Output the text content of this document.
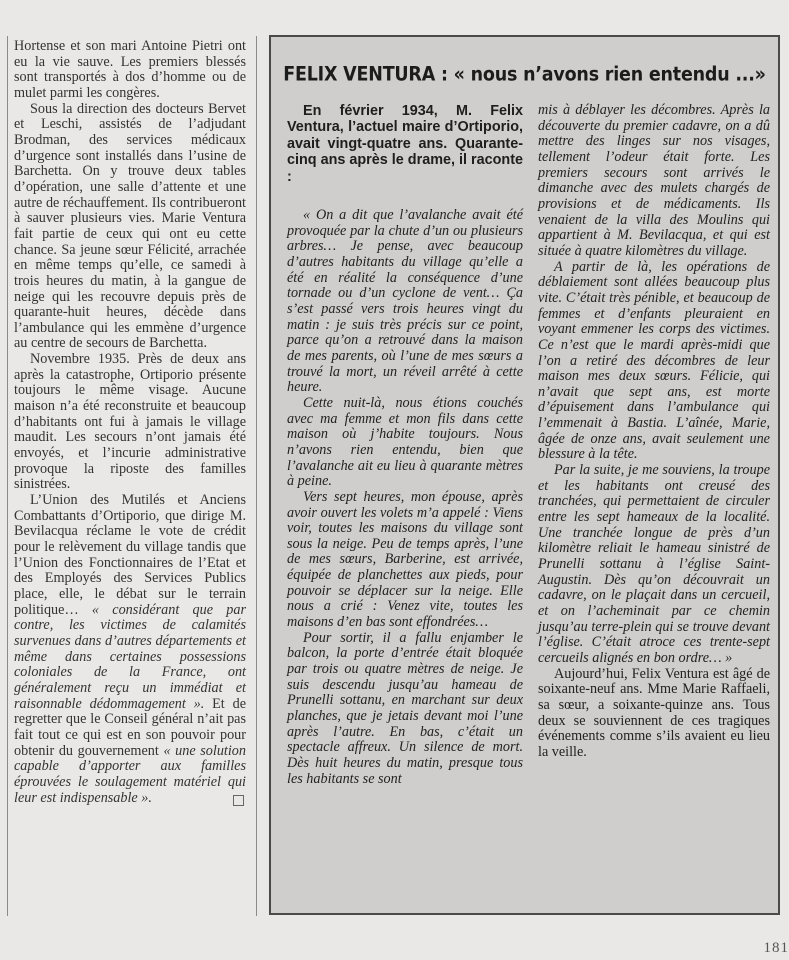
Hortense et son mari Antoine Pietri ont eu la vie sauve. Les premiers blessés sont transportés à dos d’homme ou de mulet parmi les congères.

Sous la direction des docteurs Bervet et Leschi, assistés de l’adjudant Brodman, des services médicaux d’urgence sont installés dans l’usine de Barchetta. On y trouve deux tables d’opération, une salle d’attente et une autre de réchauffement. Ils contribueront à sauver plusieurs vies. Marie Ventura fait partie de ceux qui ont eu cette chance. Sa jeune sœur Félicité, arrachée en même temps qu’elle, ce samedi à trois heures du matin, à la gangue de neige qui les recouvre depuis près de quarante-huit heures, décède dans l’ambulance qui les emmène d’urgence au centre de secours de Barchetta.

Novembre 1935. Près de deux ans après la catastrophe, Ortiporio présente toujours le même visage. Aucune maison n’a été reconstruite et beaucoup d’habitants ont fui à jamais le village maudit. Les secours n’ont jamais été envoyés, et l’incurie administrative provoque la riposte des familles sinistrées.

L’Union des Mutilés et Anciens Combattants d’Ortiporio, que dirige M. Bevilacqua réclame le vote de crédit pour le relèvement du village tandis que l’Union des Fonctionnaires de l’Etat et des Employés des Services Publics place, elle, le débat sur le terrain politique… « considérant que par contre, les victimes de calamités survenues dans d’autres départements et même dans certaines possessions coloniales de la France, ont généralement reçu un immédiat et raisonnable dédommagement ». Et de regretter que le Conseil général n’ait pas fait tout ce qui est en son pouvoir pour obtenir du gouvernement « une solution capable d’apporter aux familles éprouvées le soulagement matériel qui leur est indispensable ».

FELIX VENTURA : « nous n’avons rien entendu ...»

En février 1934, M. Felix Ventura, l’actuel maire d’Ortiporio, avait vingt-quatre ans. Quarante-cinq ans après le drame, il raconte :

« On a dit que l’avalanche avait été provoquée par la chute d’un ou plusieurs arbres… Je pense, avec beaucoup d’autres habitants du village qu’elle a été en réalité la conséquence d’une tornade ou d’un cyclone de vent… Ça s’est passé vers trois heures vingt du matin : je suis très précis sur ce point, parce qu’on a retrouvé dans la maison de mes parents, où l’une de mes sœurs a trouvé la mort, un réveil arrêté à cette heure.

Cette nuit-là, nous étions couchés avec ma femme et mon fils dans cette maison où j’habite toujours. Nous n’avons rien entendu, bien que l’avalanche ait eu lieu à quarante mètres à peine.

Vers sept heures, mon épouse, après avoir ouvert les volets m’a appelé : Viens voir, toutes les maisons du village sont sous la neige. Peu de temps après, l’une de mes sœurs, Barberine, est arrivée, équipée de planchettes aux pieds, pour pouvoir se déplacer sur la neige. Elle nous a crié : Venez vite, toutes les maisons d’en bas sont effondrées…

Pour sortir, il a fallu enjamber le balcon, la porte d’entrée était bloquée par trois ou quatre mètres de neige. Je suis descendu jusqu’au hameau de Prunelli sottanu, en marchant sur deux planches, que je jetais devant moi l’une après l’autre. En bas, c’était un spectacle affreux. Un silence de mort. Dès huit heures du matin, presque tous les habitants se sont

mis à déblayer les décombres. Après la découverte du premier cadavre, on a dû mettre des linges sur nos visages, tellement l’odeur était forte. Les premiers secours sont arrivés le dimanche avec des mulets chargés de provisions et de médicaments. Ils venaient de la villa des Moulins qui appartient à M. Bevilacqua, et qui est située à quatre kilomètres du village.

A partir de là, les opérations de déblaiement sont allées beaucoup plus vite. C’était très pénible, et beaucoup de femmes et d’enfants pleuraient en voyant emmener les corps des victimes. Ce n’est que le mardi après-midi que l’on a retiré des décombres de leur maison mes deux sœurs. Félicie, qui n’avait que sept ans, est morte d’épuisement dans l’ambulance qui l’emmenait à Bastia. L’aînée, Marie, âgée de onze ans, avait seulement une blessure à la tête.

Par la suite, je me souviens, la troupe et les habitants ont creusé des tranchées, qui permettaient de circuler entre les sept hameaux de la localité. Une tranchée longue de près d’un kilomètre reliait le hameau sinistré de Prunelli sottanu à l’église Saint-Augustin. Dès qu’on découvrait un cadavre, on le plaçait dans un cercueil, et on l’acheminait par ce chemin jusqu’au terre-plein qui se trouve devant l’église. C’était atroce ces trente-sept cercueils alignés en bon ordre… »

Aujourd’hui, Felix Ventura est âgé de soixante-neuf ans. Mme Marie Raffaeli, sa sœur, a soixante-quinze ans. Tous deux se souviennent de ces tragiques événements comme s’ils avaient eu lieu la veille.

181
